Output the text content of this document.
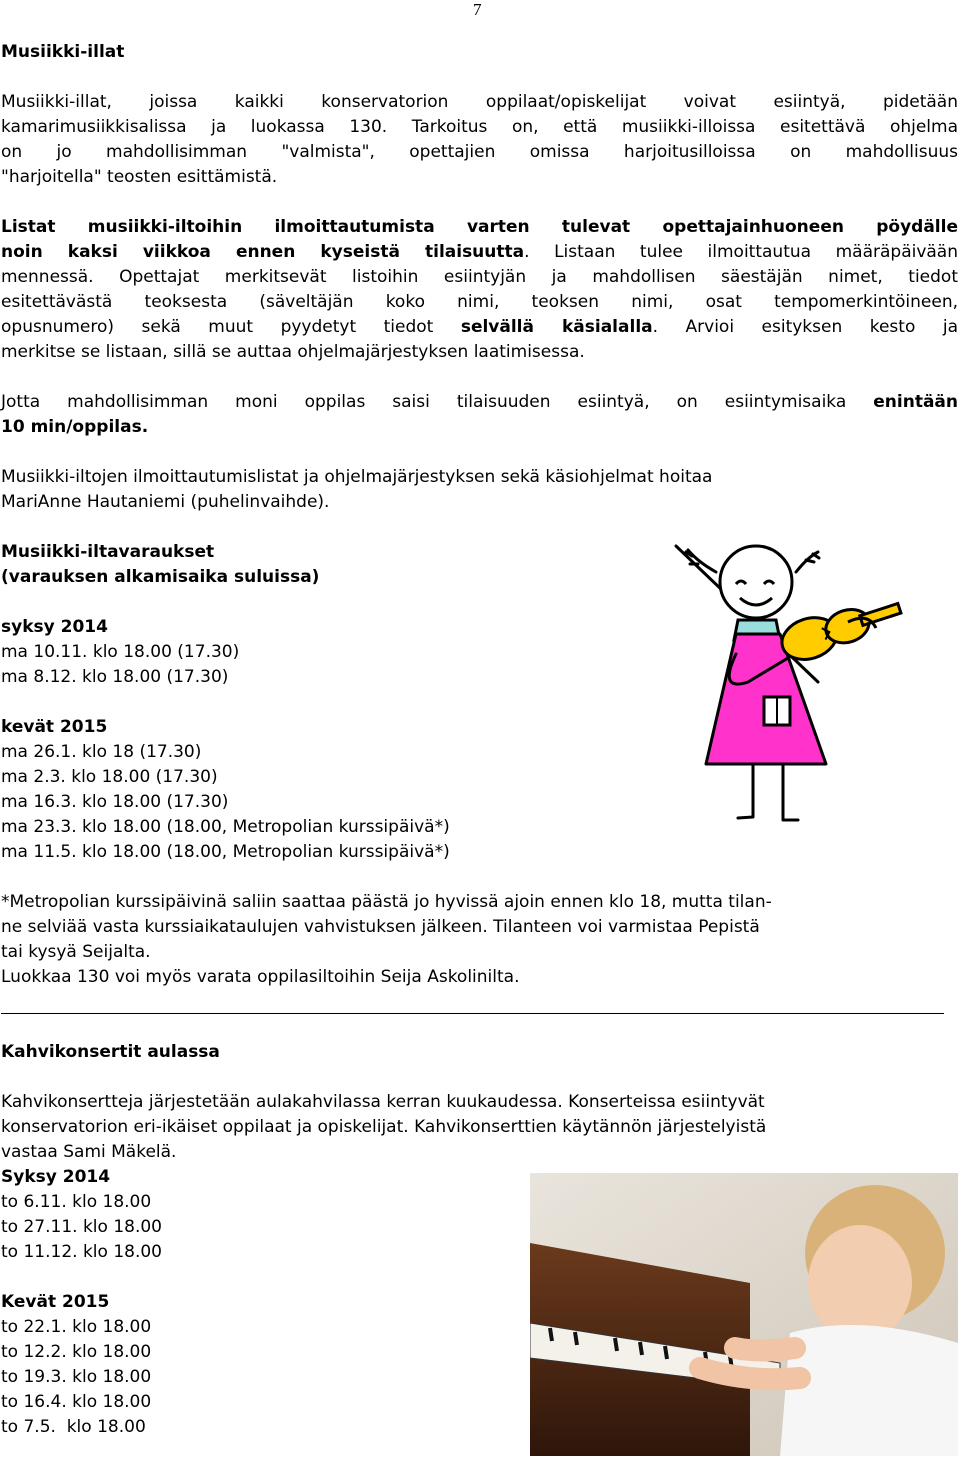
7

Musiikki-illat

Musiikki-illat, joissa kaikki konservatorion oppilaat/opiskelijat voivat esiintyä, pidetään

kamarimusiikkisalissa ja luokassa 130. Tarkoitus on, että musiikki-illoissa esitettävä ohjelma

on jo mahdollisimman "valmista", opettajien omissa harjoitusilloissa on mahdollisuus

"harjoitella" teosten esittämistä.

Listat musiikki-iltoihin ilmoittautumista varten tulevat opettajainhuoneen pöydälle

noin kaksi viikkoa ennen kyseistä tilaisuutta. Listaan tulee ilmoittautua määräpäivään

mennessä. Opettajat merkitsevät listoihin esiintyjän ja mahdollisen säestäjän nimet, tiedot

esitettävästä teoksesta (säveltäjän koko nimi, teoksen nimi, osat tempomerkintöineen,

opusnumero) sekä muut pyydetyt tiedot selvällä käsialalla. Arvioi esityksen kesto ja

merkitse se listaan, sillä se auttaa ohjelmajärjestyksen laatimisessa.

Jotta mahdollisimman moni oppilas saisi tilaisuuden esiintyä, on esiintymisaika enintään

10 min/oppilas.

Musiikki-iltojen ilmoittautumislistat ja ohjelmajärjestyksen sekä käsiohjelmat hoitaa

MariAnne Hautaniemi (puhelinvaihde).

Musiikki-iltavaraukset

(varauksen alkamisaika suluissa)

syksy 2014

ma 10.11. klo 18.00 (17.30)

ma 8.12. klo 18.00 (17.30)

kevät 2015

ma 26.1. klo 18 (17.30)

ma 2.3. klo 18.00 (17.30)

ma 16.3. klo 18.00 (17.30)

ma 23.3. klo 18.00 (18.00, Metropolian kurssipäivä*)

ma 11.5. klo 18.00 (18.00, Metropolian kurssipäivä*)

*Metropolian kurssipäivinä saliin saattaa päästä jo hyvissä ajoin ennen klo 18, mutta tilan-

ne selviää vasta kurssiaikataulujen vahvistuksen jälkeen. Tilanteen voi varmistaa Pepistä

tai kysyä Seijalta.

Luokkaa 130 voi myös varata oppilasiltoihin Seija Askolinilta.

Kahvikonsertit aulassa

Kahvikonsertteja järjestetään aulakahvilassa kerran kuukaudessa. Konserteissa esiintyvät

konservatorion eri-ikäiset oppilaat ja opiskelijat. Kahvikonserttien käytännön järjestelyistä

vastaa Sami Mäkelä.

Syksy 2014

to 6.11. klo 18.00

to 27.11. klo 18.00

to 11.12. klo 18.00

Kevät 2015

to 22.1. klo 18.00

to 12.2. klo 18.00

to 19.3. klo 18.00

to 16.4. klo 18.00

to 7.5.  klo 18.00
